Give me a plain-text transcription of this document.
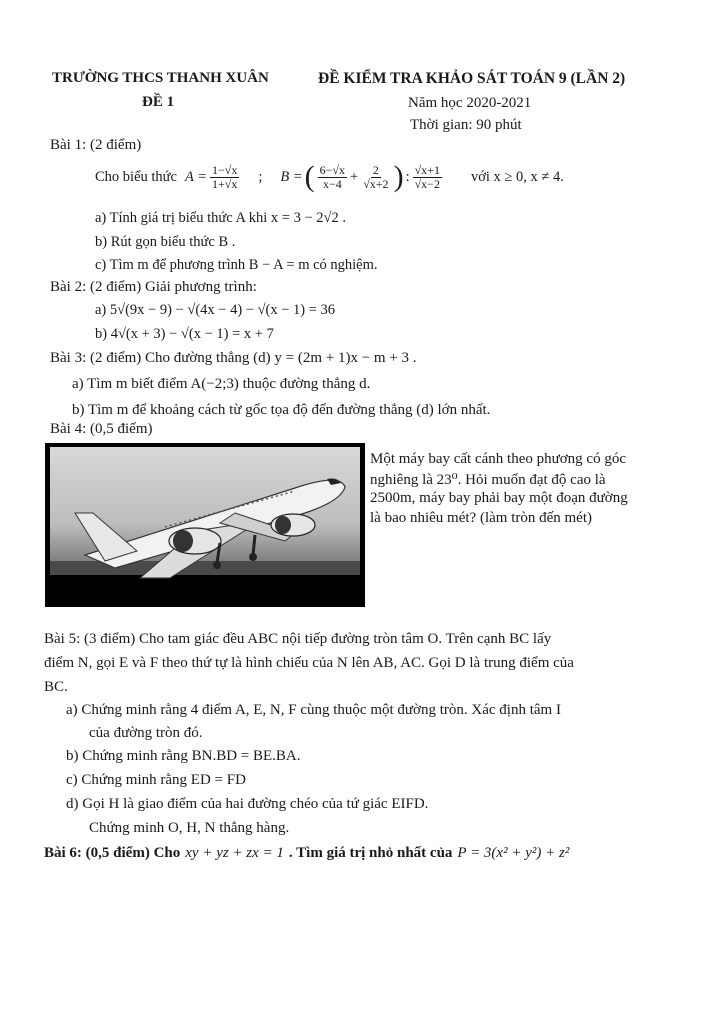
TRƯỜNG THCS THANH XUÂN
ĐỀ 1
ĐỀ KIỂM TRA KHẢO SÁT TOÁN 9 (LẦN 2)
Năm học 2020-2021
Thời gian: 90 phút
Bài 1: (2 điểm)
Cho biểu thức $A = \frac{1-√x}{1+√x}$ ; B = ( $\frac{6-√x}{x-4} + \frac{2}{√x+2}$ ) : $\frac{√x+1}{√x-2}$ với x ≥ 0, x ≠ 4.
a) Tính giá trị biểu thức A khi x = 3 − 2√2 .
b) Rút gọn biểu thức B .
c) Tìm m để phương trình B − A = m có nghiệm.
Bài 2: (2 điểm) Giải phương trình:
a) 5√(9x − 9) − √(4x − 4) − √(x − 1) = 36
b) 4√(x + 3) − √(x − 1) = x + 7
Bài 3: (2 điểm) Cho đường thẳng (d) y = (2m + 1)x − m + 3 .
a) Tìm m biết điểm A(−2;3) thuộc đường thẳng d.
b) Tìm m để khoảng cách từ gốc tọa độ đến đường thẳng (d) lớn nhất.
Bài 4: (0,5 điểm)
Một máy bay cất cánh theo phương có góc
nghiêng là 23⁰. Hỏi muốn đạt độ cao là
2500m, máy bay phải bay một đoạn đường
là bao nhiêu mét? (làm tròn đến mét)
Bài 5: (3 điểm) Cho tam giác đều ABC nội tiếp đường tròn tâm O. Trên cạnh BC lấy
điểm N, gọi E và F theo thứ tự là hình chiếu của N lên AB, AC. Gọi D là trung điểm của
BC.
a) Chứng minh rằng 4 điểm A, E, N, F cùng thuộc một đường tròn. Xác định tâm I
của đường tròn đó.
b) Chứng minh rằng BN.BD = BE.BA.
c) Chứng minh rằng ED = FD
d) Gọi H là giao điểm của hai đường chéo của tứ giác EIFD.
Chứng minh O, H, N thẳng hàng.
Bài 6: (0,5 điểm) Cho xy + yz + zx = 1 . Tìm giá trị nhỏ nhất của P = 3(x² + y²) + z²
